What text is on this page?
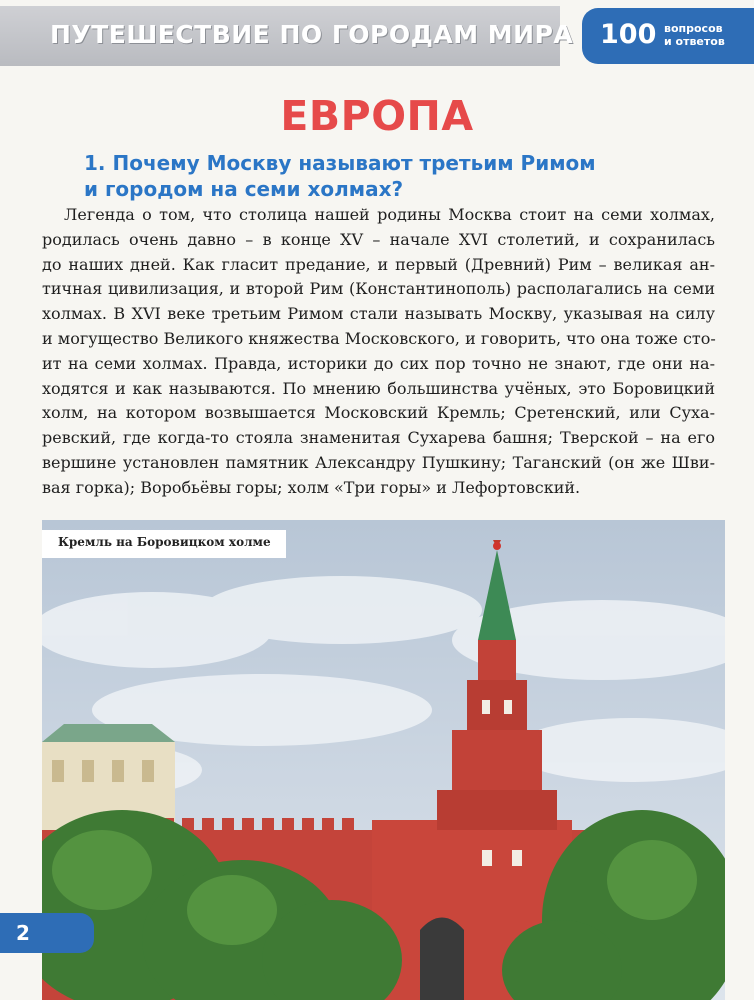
ПУТЕШЕСТВИЕ ПО ГОРОДАМ МИРА 100 вопросов
и ответов
ЕВРОПА
1. Почему Москву называют третьим Римом
и городом на семи холмах?
Легенда о том, что столица нашей родины Москва стоит на семи холмах,
родилась очень давно – в конце XV – начале XVI столетий, и сохранилась
до наших дней. Как гласит предание, и первый (Древний) Рим – великая ан-
тичная цивилизация, и второй Рим (Константинополь) располагались на семи
холмах. В XVI веке третьим Римом стали называть Москву, указывая на силу
и могущество Великого княжества Московского, и говорить, что она тоже сто-
ит на семи холмах. Правда, историки до сих пор точно не знают, где они на-
ходятся и как называются. По мнению большинства учёных, это Боровицкий
холм, на котором возвышается Московский Кремль; Сретенский, или Суха-
ревский, где когда-то стояла знаменитая Сухарева башня; Тверской – на его
вершине установлен памятник Александру Пушкину; Таганский (он же Шви-
вая горка); Воробьёвы горы; холм «Три горы» и Лефортовский.
Кремль на Боровицком холме
2
